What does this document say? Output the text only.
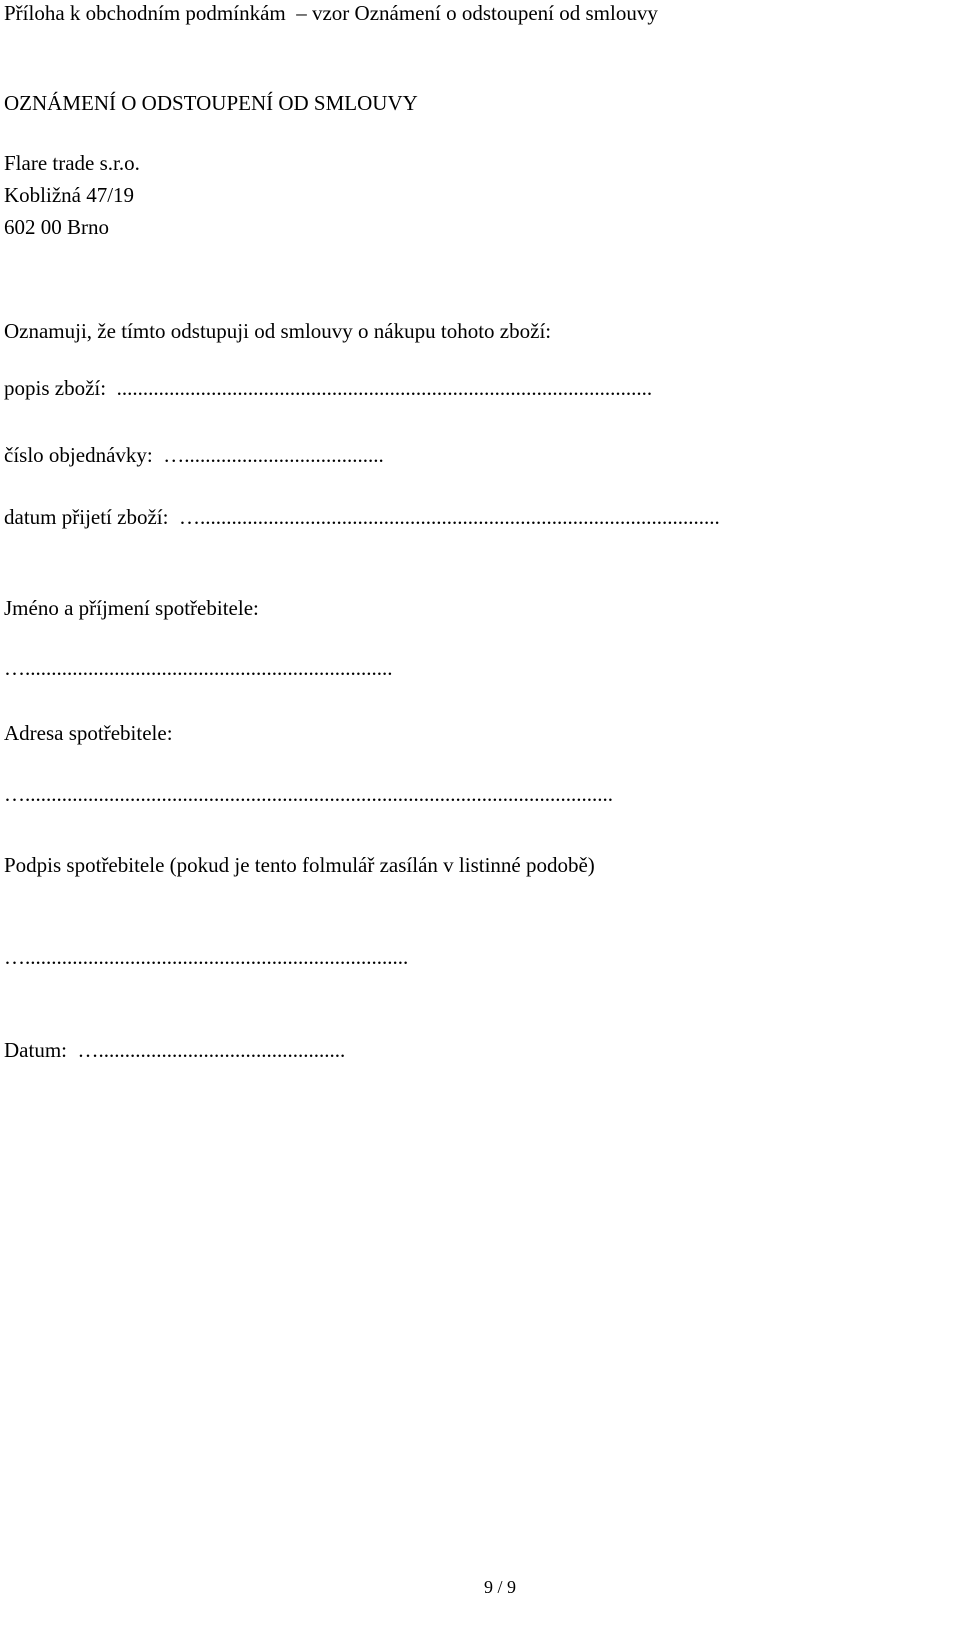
Příloha k obchodním podmínkám  – vzor Oznámení o odstoupení od smlouvy
OZNÁMENÍ O ODSTOUPENÍ OD SMLOUVY
Flare trade s.r.o.
Kobližná 47/19
602 00 Brno
Oznamuji, že tímto odstupuji od smlouvy o nákupu tohoto zboží:
popis zboží:  ......................................................................................................
číslo objednávky:  …......................................
datum přijetí zboží:  …...................................................................................................
Jméno a příjmení spotřebitele:
…......................................................................
Adresa spotřebitele:
…................................................................................................................
Podpis spotřebitele (pokud je tento folmulář zasílán v listinné podobě)
….........................................................................
Datum:  …...............................................
9 / 9
